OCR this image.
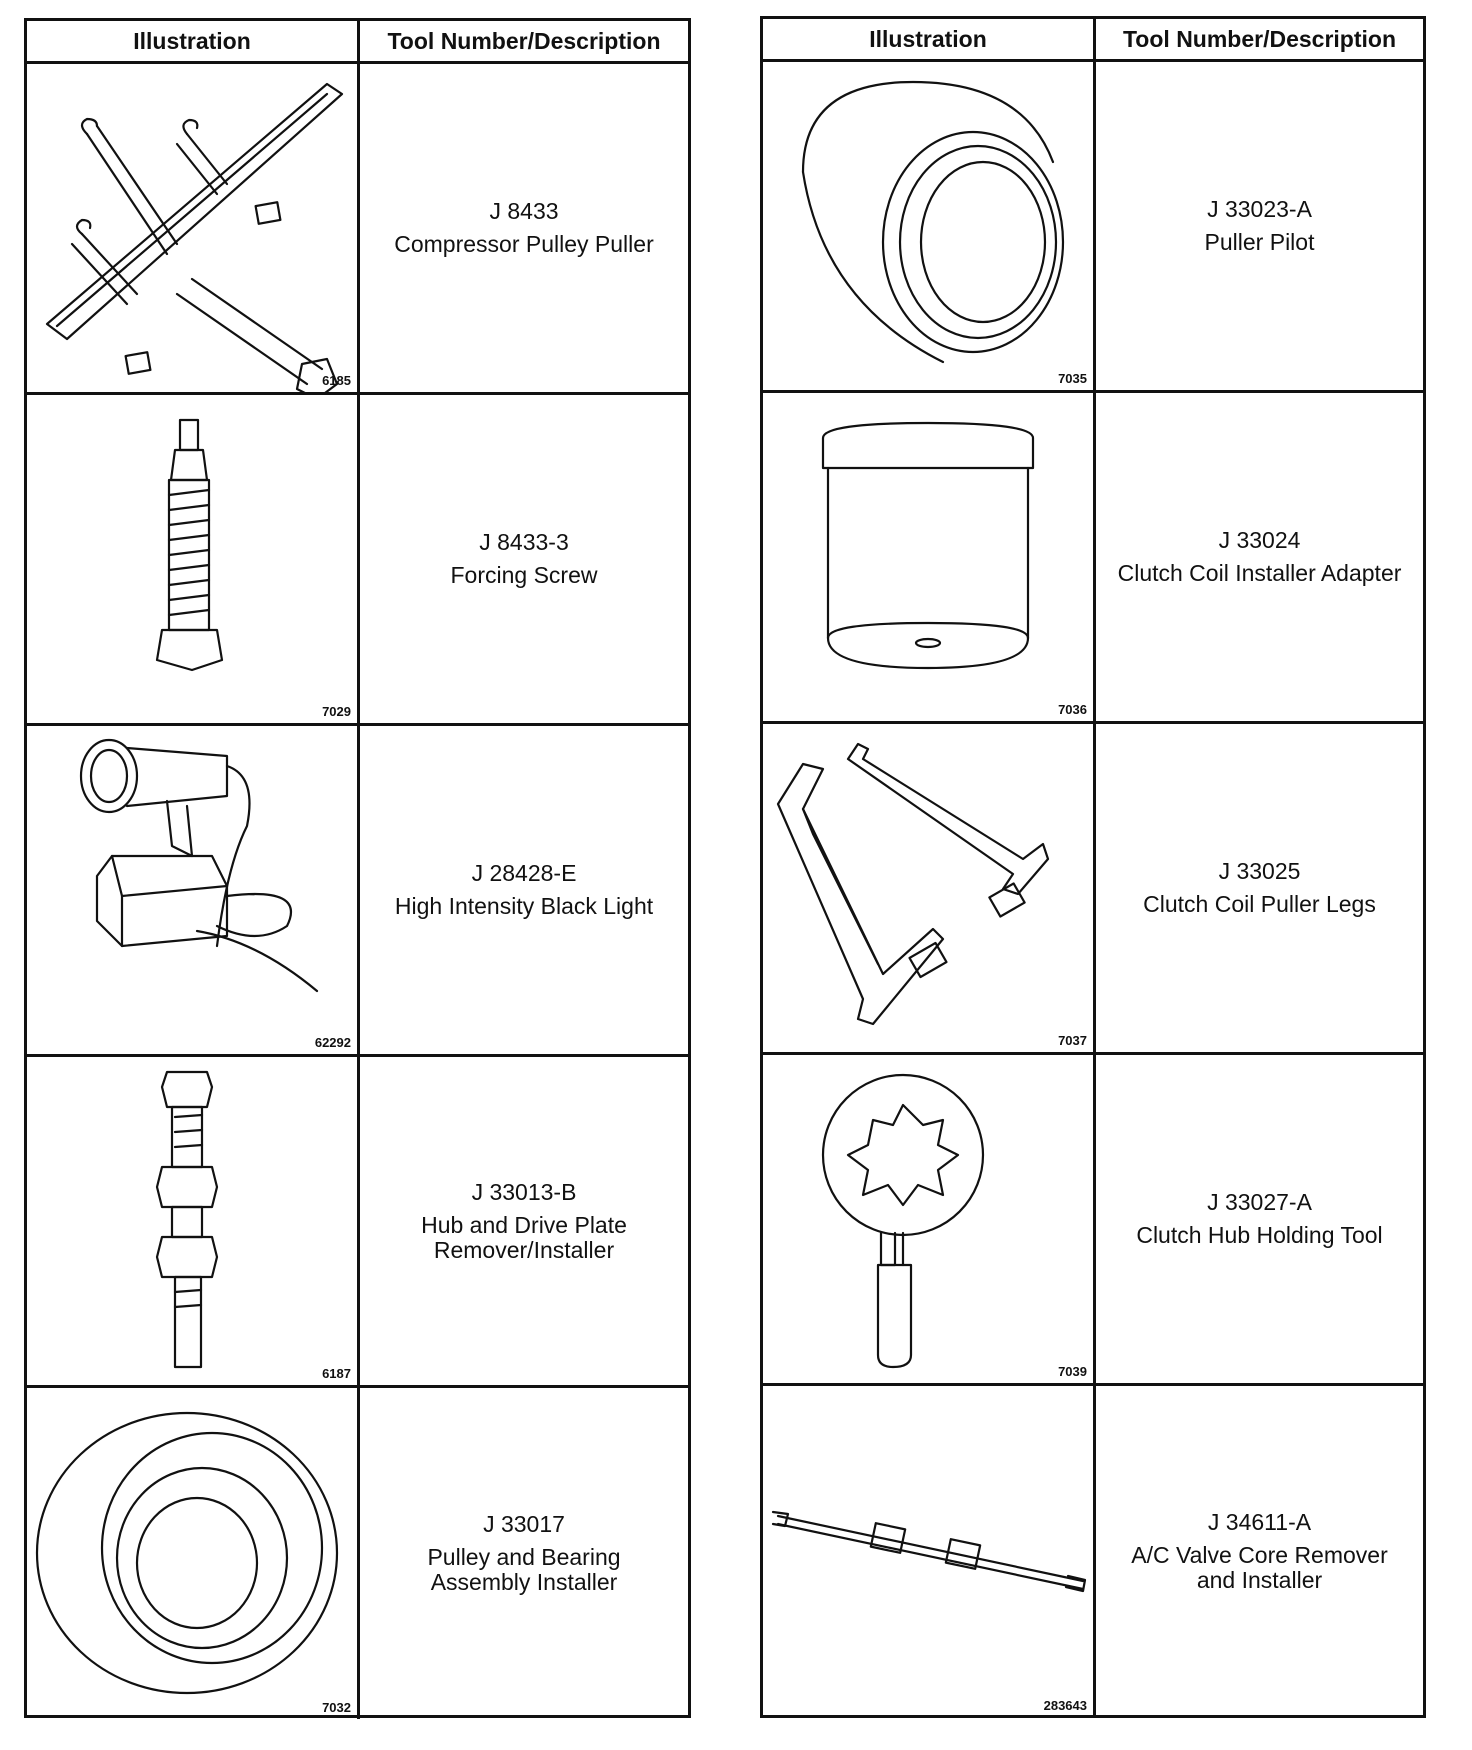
Illustration	Tool Number/Description
6185
J 8433
Compressor Pulley Puller
7029
J 8433-3
Forcing Screw
62292
J 28428-E
High Intensity Black Light
6187
J 33013-B
Hub and Drive Plate
Remover/Installer
7032
J 33017
Pulley and Bearing
Assembly Installer
Illustration	Tool Number/Description
7035
J 33023-A
Puller Pilot
7036
J 33024
Clutch Coil Installer Adapter
7037
J 33025
Clutch Coil Puller Legs
7039
J 33027-A
Clutch Hub Holding Tool
283643
J 34611-A
A/C Valve Core Remover
and Installer
